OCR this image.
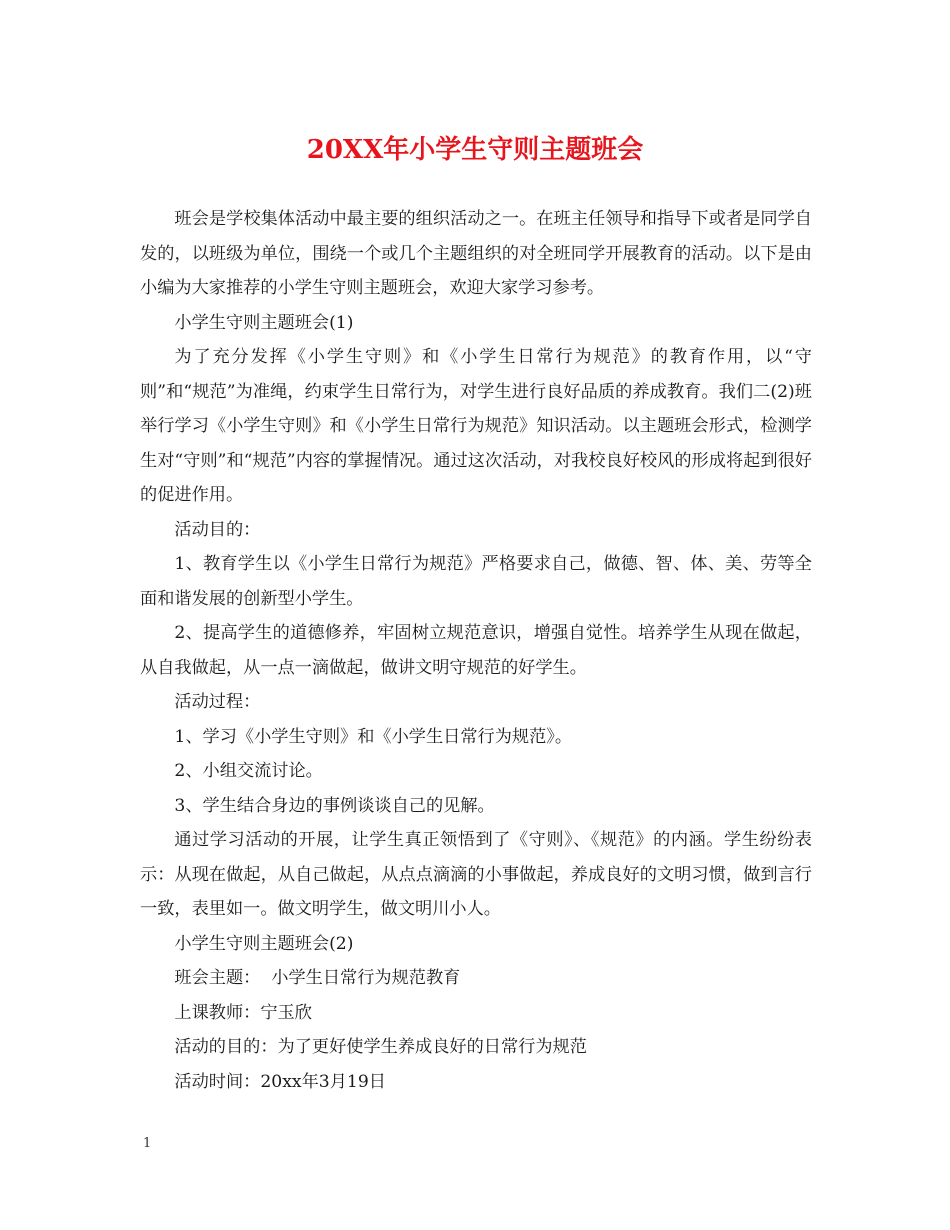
20XX年小学生守则主题班会

班会是学校集体活动中最主要的组织活动之一。在班主任领导和指导下或者是同学自发的，以班级为单位，围绕一个或几个主题组织的对全班同学开展教育的活动。以下是由小编为大家推荐的小学生守则主题班会，欢迎大家学习参考。

小学生守则主题班会(1)

为了充分发挥《小学生守则》和《小学生日常行为规范》的教育作用，以“守则”和“规范”为准绳，约束学生日常行为，对学生进行良好品质的养成教育。我们二(2)班举行学习《小学生守则》和《小学生日常行为规范》知识活动。以主题班会形式，检测学生对“守则”和“规范”内容的掌握情况。通过这次活动，对我校良好校风的形成将起到很好的促进作用。

活动目的：

1、教育学生以《小学生日常行为规范》严格要求自己，做德、智、体、美、劳等全面和谐发展的创新型小学生。

2、提高学生的道德修养，牢固树立规范意识，增强自觉性。培养学生从现在做起，从自我做起，从一点一滴做起，做讲文明守规范的好学生。

活动过程：

1、学习《小学生守则》和《小学生日常行为规范》。

2、小组交流讨论。

3、学生结合身边的事例谈谈自己的见解。

通过学习活动的开展，让学生真正领悟到了《守则》、《规范》的内涵。学生纷纷表示：从现在做起，从自己做起，从点点滴滴的小事做起，养成良好的文明习惯，做到言行一致，表里如一。做文明学生，做文明川小人。

小学生守则主题班会(2)

班会主题：  小学生日常行为规范教育

上课教师：宁玉欣

活动的目的：为了更好使学生养成良好的日常行为规范

活动时间：20xx年3月19日

1
